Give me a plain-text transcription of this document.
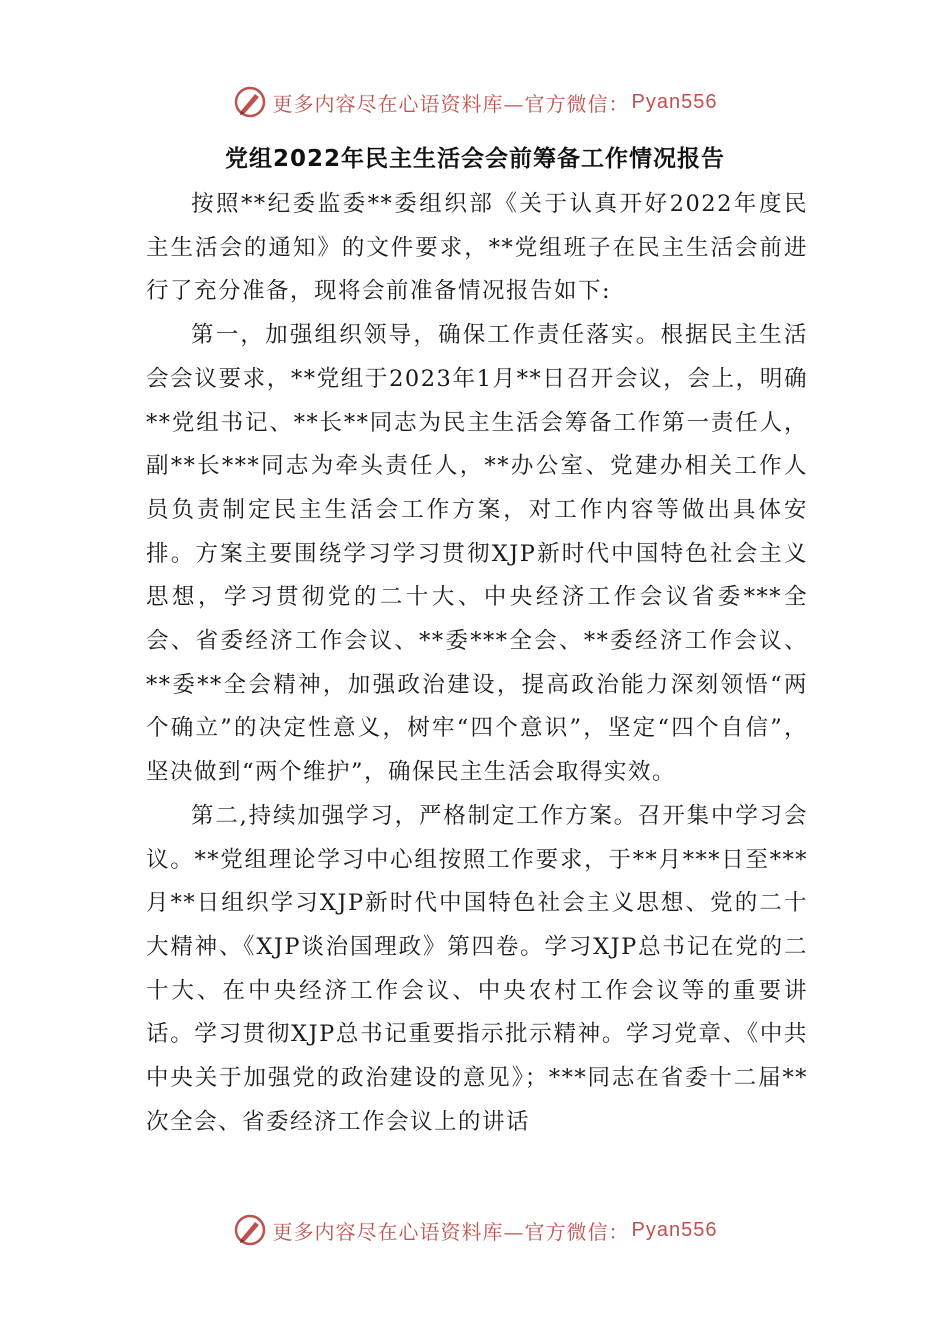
更多内容尽在心语资料库—官方微信： Pyan556
党组2022年民主生活会会前筹备工作情况报告

按照**纪委监委**委组织部《关于认真开好2022年度民主生活会的通知》的文件要求，**党组班子在民主生活会前进行了充分准备，现将会前准备情况报告如下:

第一，加强组织领导，确保工作责任落实。根据民主生活会会议要求，**党组于2023年1月**日召开会议，会上，明确**党组书记、**长**同志为民主生活会筹备工作第一责任人，副**长***同志为牵头责任人，**办公室、党建办相关工作人员负责制定民主生活会工作方案，对工作内容等做出具体安排。方案主要围绕学习学习贯彻XJP新时代中国特色社会主义思想，学习贯彻党的二十大、中央经济工作会议省委***全会、省委经济工作会议、**委***全会、**委经济工作会议、**委**全会精神，加强政治建设，提高政治能力深刻领悟“两个确立”的决定性意义，树牢“四个意识”，坚定“四个自信”，坚决做到“两个维护”，确保民主生活会取得实效。

第二,持续加强学习，严格制定工作方案。召开集中学习会议。**党组理论学习中心组按照工作要求，于**月***日至***月**日组织学习XJP新时代中国特色社会主义思想、党的二十大精神、《XJP谈治国理政》第四卷。学习XJP总书记在党的二十大、在中央经济工作会议、中央农村工作会议等的重要讲话。学习贯彻XJP总书记重要指示批示精神。学习党章、《中共中央关于加强党的政治建设的意见》；***同志在省委十二届**次全会、省委经济工作会议上的讲话

更多内容尽在心语资料库—官方微信： Pyan556
